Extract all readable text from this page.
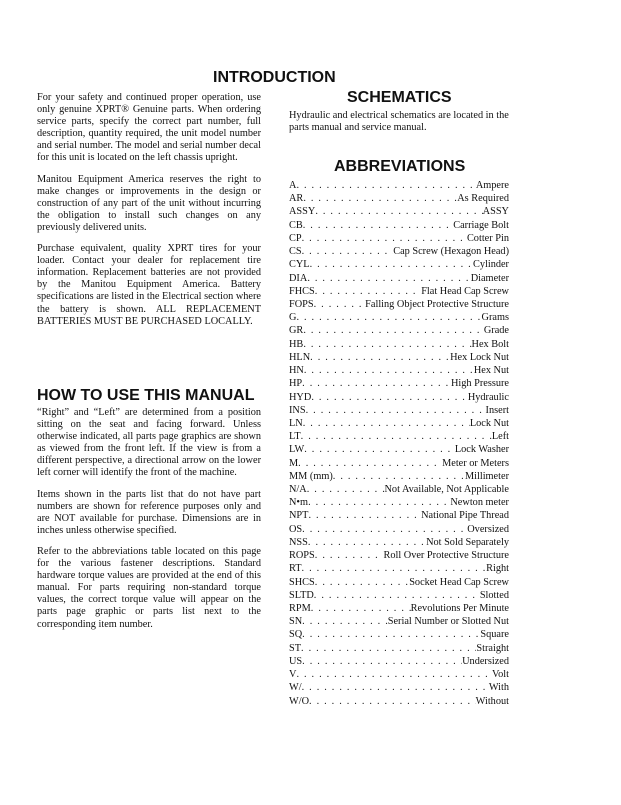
INTRODUCTION

For your safety and continued proper operation, use only genuine XPRT® Genuine parts. When ordering service parts, specify the correct part number, full description, quantity required, the unit model number and serial number. The model and serial number decal for this unit is located on the left chassis upright.

Manitou Equipment America reserves the right to make changes or improvements in the design or construction of any part of the unit without incurring the obligation to install such changes on any previously delivered units.

Purchase equivalent, quality XPRT tires for your loader. Contact your dealer for replacement tire information. Replacement batteries are not provided by the Manitou Equipment America. Battery specifications are listed in the Electrical section where the battery is shown. ALL REPLACEMENT BATTERIES MUST BE PURCHASED LOCALLY.

HOW TO USE THIS MANUAL

“Right” and “Left” are determined from a position sitting on the seat and facing forward. Unless otherwise indicated, all parts page graphics are shown as viewed from the front left. If the view is from a different perspective, a directional arrow on the lower left corner will identify the front of the machine.

Items shown in the parts list that do not have part numbers are shown for reference purposes only and are NOT available for purchase. Dimensions are in inches unless otherwise specified.

Refer to the abbreviations table located on this page for the various fastener descriptions. Standard hardware torque values are provided at the end of this manual. For parts requiring non-standard torque values, the correct torque value will appear on the parts page graphic or parts list next to the corresponding item number.

SCHEMATICS

Hydraulic and electrical schematics are located in the parts manual and service manual.

ABBREVIATIONS
A . . .	Ampere
AR . . .	As Required
ASSY . . .	ASSY
CB . . .	Carriage Bolt
CP . . .	Cotter Pin
CS . . .	Cap Screw (Hexagon Head)
CYL . . .	Cylinder
DIA . . .	Diameter
FHCS . . .	Flat Head Cap Screw
FOPS . . .	Falling Object Protective Structure
G . . .	Grams
GR . . .	Grade
HB . . .	Hex Bolt
HLN . . .	Hex Lock Nut
HN . . .	Hex Nut
HP . . .	High Pressure
HYD . . .	Hydraulic
INS . . .	Insert
LN . . .	Lock Nut
LT . . .	Left
LW . . .	Lock Washer
M . . .	Meter or Meters
MM (mm) . . .	Millimeter
N/A . . .	Not Available, Not Applicable
N•m . . .	Newton meter
NPT . . .	National Pipe Thread
OS . . .	Oversized
NSS . . .	Not Sold Separately
ROPS . . .	Roll Over Protective Structure
RT . . .	Right
SHCS . . .	Socket Head Cap Screw
SLTD . . .	Slotted
RPM . . .	Revolutions Per Minute
SN . . .	Serial Number or Slotted Nut
SQ . . .	Square
ST . . .	Straight
US . . .	Undersized
V . . .	Volt
W/ . . .	With
W/O . . .	Without
